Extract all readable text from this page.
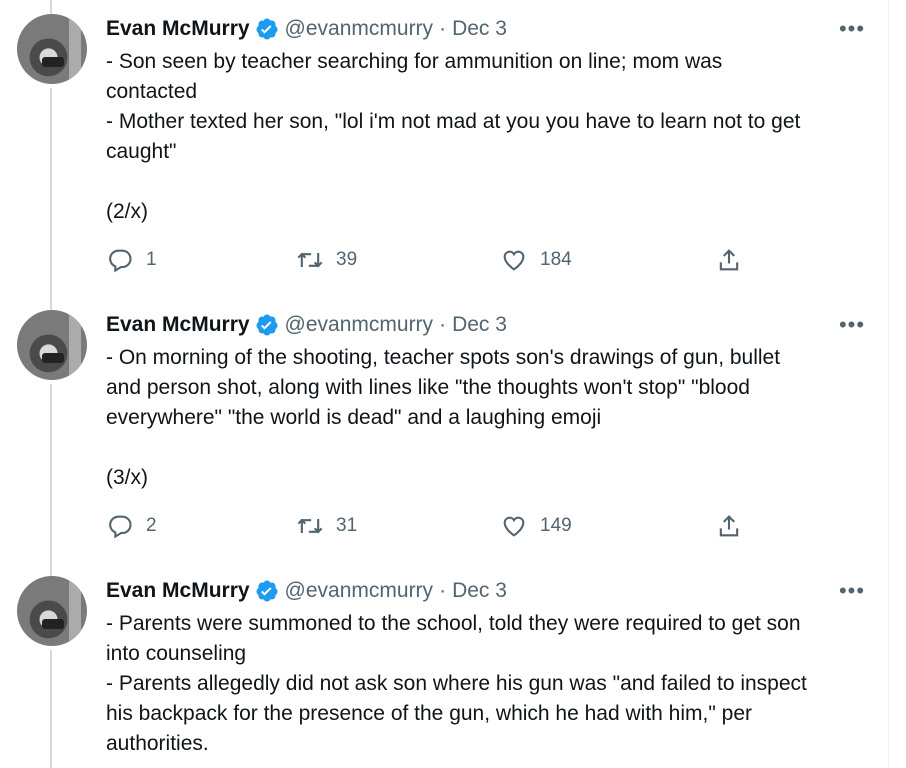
Evan McMurry @evanmcmurry · Dec 3	•••
- Son seen by teacher searching for ammunition on line; mom was
contacted
- Mother texted her son, "lol i'm not mad at you you have to learn not to get
caught"
(2/x)
1	39	184
Evan McMurry @evanmcmurry · Dec 3	•••
- On morning of the shooting, teacher spots son's drawings of gun, bullet
and person shot, along with lines like "the thoughts won't stop" "blood
everywhere" "the world is dead" and a laughing emoji
(3/x)
2	31	149
Evan McMurry @evanmcmurry · Dec 3	•••
- Parents were summoned to the school, told they were required to get son
into counseling
- Parents allegedly did not ask son where his gun was "and failed to inspect
his backpack for the presence of the gun, which he had with him," per
authorities.
